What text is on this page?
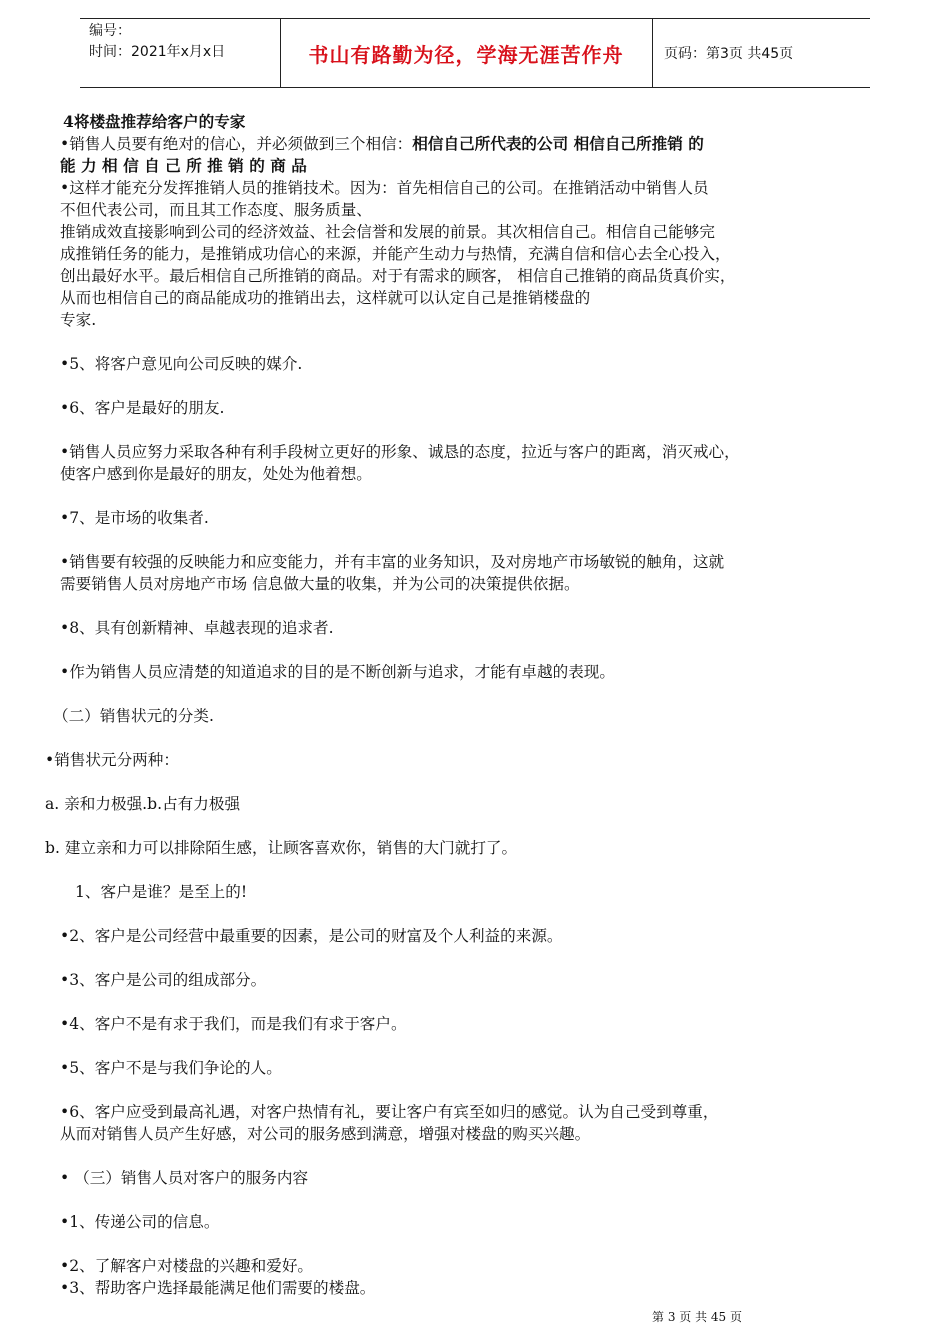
编号：
时间：2021年x月x日	书山有路勤为径，学海无涯苦作舟	页码：第3页 共45页

4将楼盘推荐给客户的专家

•销售人员要有绝对的信心，并必须做到三个相信：相信自己所代表的公司 相信自己所推销 的

能 力 相 信 自 己 所 推 销 的 商 品

•这样才能充分发挥推销人员的推销技术。因为：首先相信自己的公司。在推销活动中销售人员

不但代表公司，而且其工作态度、服务质量、

推销成效直接影响到公司的经济效益、社会信誉和发展的前景。其次相信自己。相信自己能够完

成推销任务的能力，是推销成功信心的来源，并能产生动力与热情，充满自信和信心去全心投入，

创出最好水平。最后相信自己所推销的商品。对于有需求的顾客， 相信自己推销的商品货真价实，

从而也相信自己的商品能成功的推销出去，这样就可以认定自己是推销楼盘的

专家.

•5、将客户意见向公司反映的媒介.

•6、客户是最好的朋友.

•销售人员应努力采取各种有利手段树立更好的形象、诚恳的态度，拉近与客户的距离，消灭戒心，

使客户感到你是最好的朋友，处处为他着想。

•7、是市场的收集者.

•销售要有较强的反映能力和应变能力，并有丰富的业务知识，及对房地产市场敏锐的触角，这就

需要销售人员对房地产市场 信息做大量的收集，并为公司的决策提供依据。

•8、具有创新精神、卓越表现的追求者.

•作为销售人员应清楚的知道追求的目的是不断创新与追求，才能有卓越的表现。

（二）销售状元的分类.

•销售状元分两种：

a. 亲和力极强.b.占有力极强

b. 建立亲和力可以排除陌生感，让顾客喜欢你，销售的大门就打了。

1、客户是谁？是至上的!

•2、客户是公司经营中最重要的因素，是公司的财富及个人利益的来源。

•3、客户是公司的组成部分。

•4、客户不是有求于我们，而是我们有求于客户。

•5、客户不是与我们争论的人。

•6、客户应受到最高礼遇，对客户热情有礼，要让客户有宾至如归的感觉。认为自己受到尊重，

从而对销售人员产生好感，对公司的服务感到满意，增强对楼盘的购买兴趣。

• （三）销售人员对客户的服务内容

•1、传递公司的信息。

•2、了解客户对楼盘的兴趣和爱好。

•3、帮助客户选择最能满足他们需要的楼盘。

第 3 页 共 45 页
